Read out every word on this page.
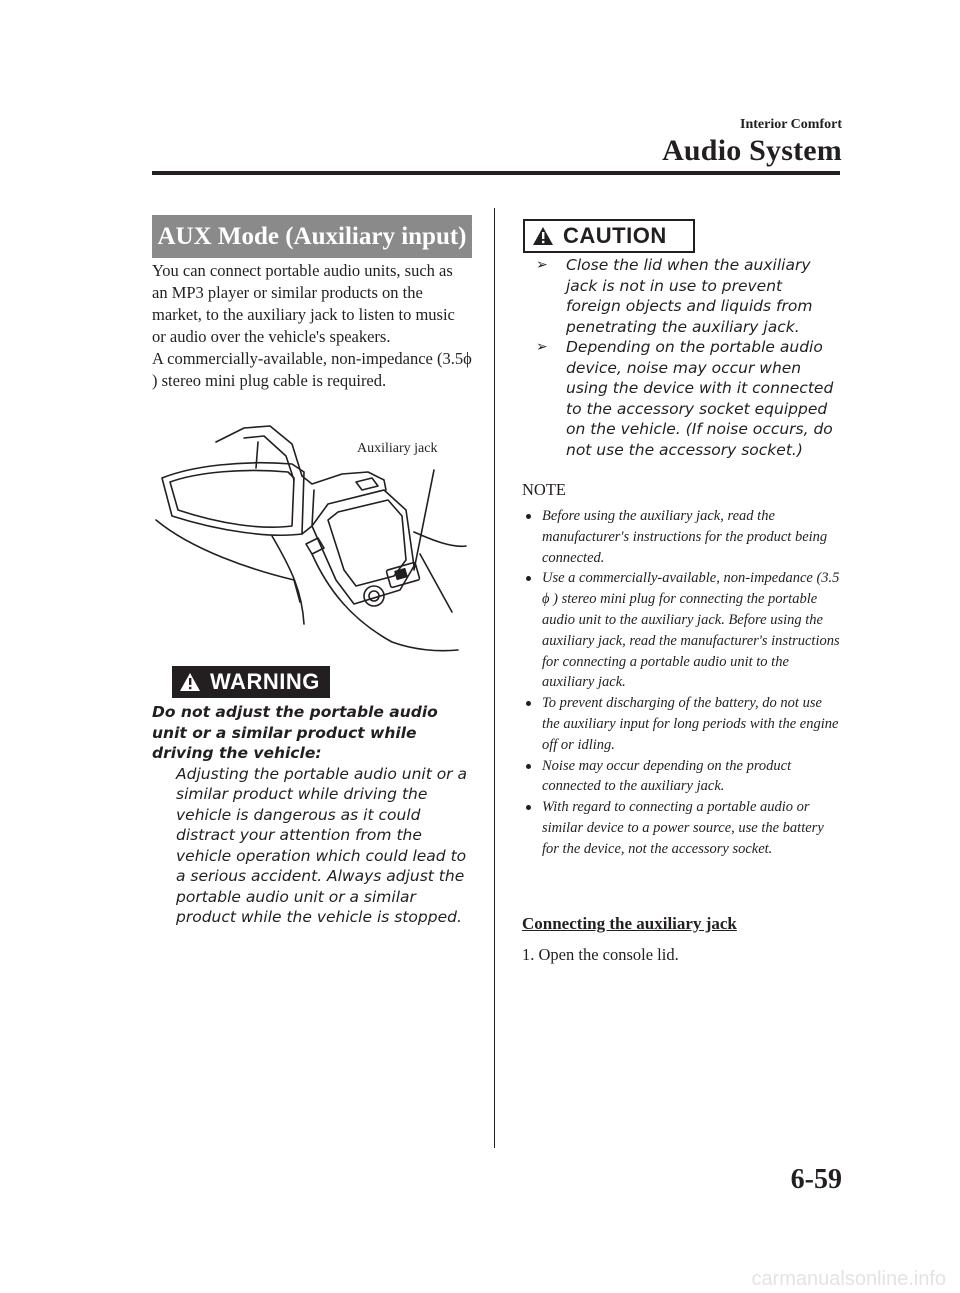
Interior Comfort
Audio System
AUX Mode (Auxiliary input)

You can connect portable audio units, such as an MP3 player or similar products on the market, to the auxiliary jack to listen to music or audio over the vehicle's speakers.

A commercially-available, non-impedance (3.5ϕ ) stereo mini plug cable is required.

Auxiliary jack
WARNING

Do not adjust the portable audio unit or a similar product while driving the vehicle:

Adjusting the portable audio unit or a similar product while driving the vehicle is dangerous as it could distract your attention from the vehicle operation which could lead to a serious accident. Always adjust the portable audio unit or a similar product while the vehicle is stopped.

CAUTION
➢ Close the lid when the auxiliary jack is not in use to prevent foreign objects and liquids from penetrating the auxiliary jack.
➢ Depending on the portable audio device, noise may occur when using the device with it connected to the accessory socket equipped on the vehicle. (If noise occurs, do not use the accessory socket.)
NOTE
Before using the auxiliary jack, read the manufacturer's instructions for the product being connected.
Use a commercially-available, non-impedance (3.5 ϕ ) stereo mini plug for connecting the portable audio unit to the auxiliary jack. Before using the auxiliary jack, read the manufacturer's instructions for connecting a portable audio unit to the auxiliary jack.
To prevent discharging of the battery, do not use the auxiliary input for long periods with the engine off or idling.
Noise may occur depending on the product connected to the auxiliary jack.
With regard to connecting a portable audio or similar device to a power source, use the battery for the device, not the accessory socket.
Connecting the auxiliary jack
1. Open the console lid.
6-59
carmanualsonline.info
